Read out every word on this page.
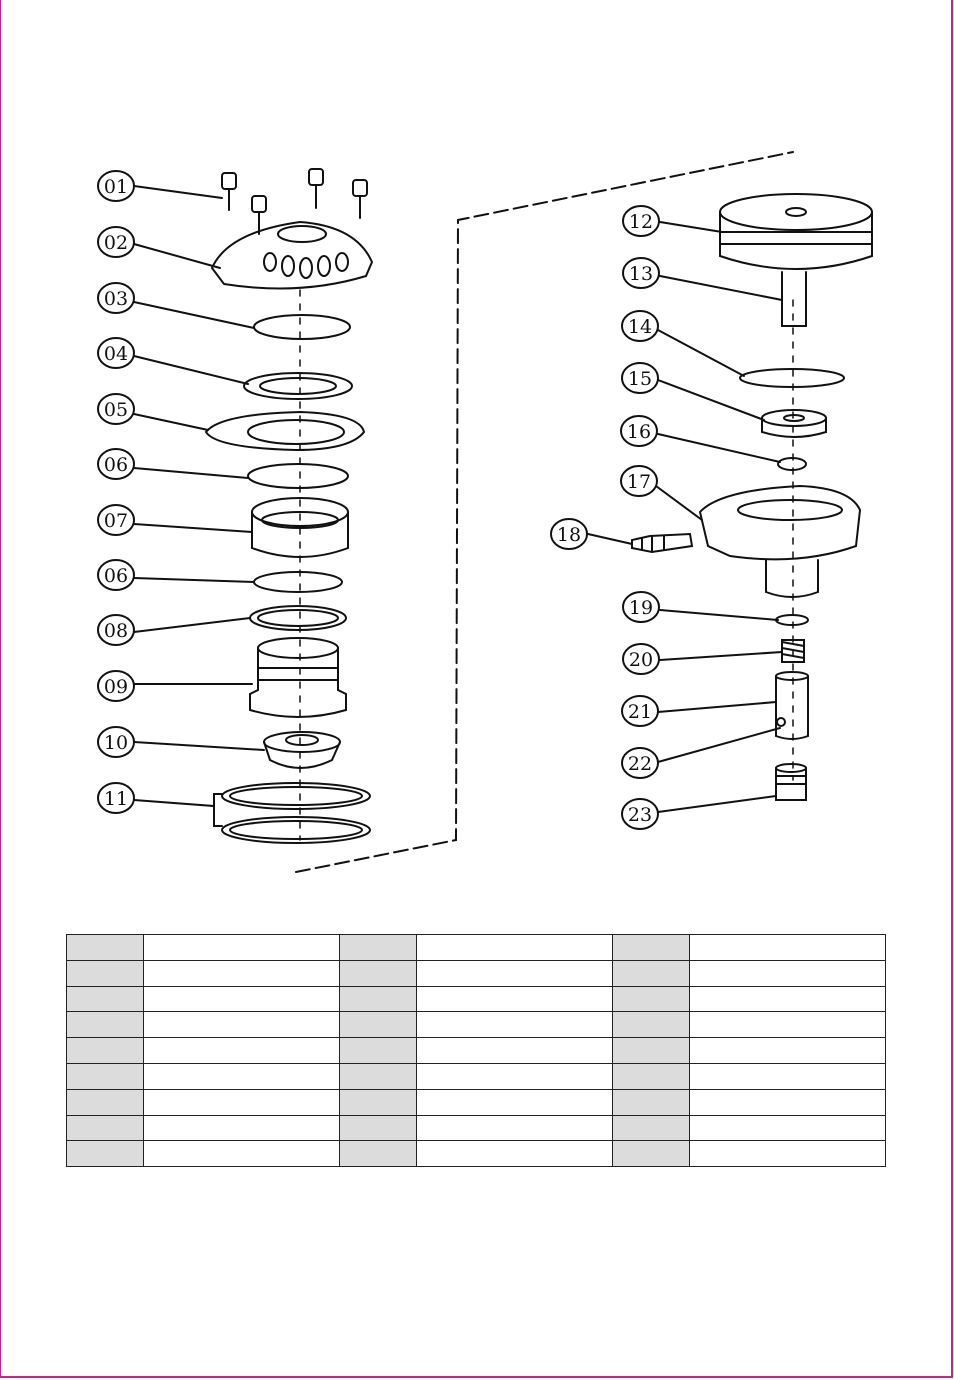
01
02
03
04
05
06
07
06
08
09
10
11
12
13
14
15
16
17
18
19
20
21
22
23
